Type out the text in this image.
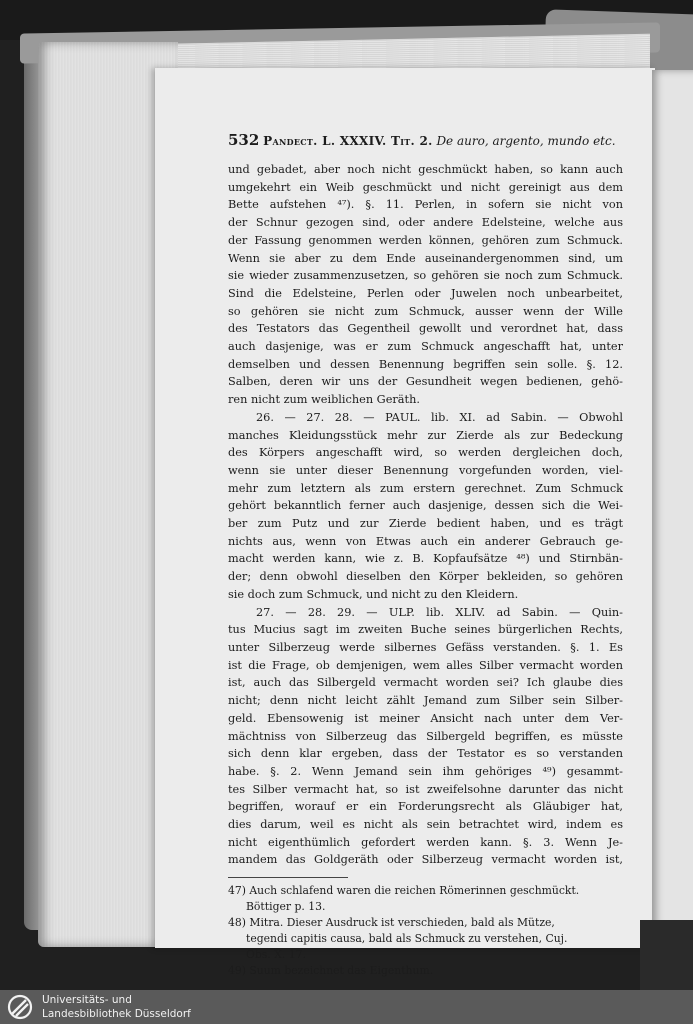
532 Pandect. L. XXXIV. Tit. 2. De auro, argento, mundo etc.
und gebadet, aber noch nicht geschmückt haben, so kann auch
umgekehrt ein Weib geschmückt und nicht gereinigt aus dem
Bette aufstehen ⁴⁷). §. 11. Perlen, in sofern sie nicht von
der Schnur gezogen sind, oder andere Edelsteine, welche aus
der Fassung genommen werden können, gehören zum Schmuck.
Wenn sie aber zu dem Ende auseinandergenommen sind, um
sie wieder zusammenzusetzen, so gehören sie noch zum Schmuck.
Sind die Edelsteine, Perlen oder Juwelen noch unbearbeitet,
so gehören sie nicht zum Schmuck, ausser wenn der Wille
des Testators das Gegentheil gewollt und verordnet hat, dass
auch dasjenige, was er zum Schmuck angeschafft hat, unter
demselben und dessen Benennung begriffen sein solle. §. 12.
Salben, deren wir uns der Gesundheit wegen bedienen, gehö-
ren nicht zum weiblichen Geräth.
26. — 27. 28. — PAUL. lib. XI. ad Sabin. — Obwohl
manches Kleidungsstück mehr zur Zierde als zur Bedeckung
des Körpers angeschafft wird, so werden dergleichen doch,
wenn sie unter dieser Benennung vorgefunden worden, viel-
mehr zum letztern als zum erstern gerechnet. Zum Schmuck
gehört bekanntlich ferner auch dasjenige, dessen sich die Wei-
ber zum Putz und zur Zierde bedient haben, und es trägt
nichts aus, wenn von Etwas auch ein anderer Gebrauch ge-
macht werden kann, wie z. B. Kopfaufsätze ⁴⁸) und Stirnbän-
der; denn obwohl dieselben den Körper bekleiden, so gehören
sie doch zum Schmuck, und nicht zu den Kleidern.
27. — 28. 29. — ULP. lib. XLIV. ad Sabin. — Quin-
tus Mucius sagt im zweiten Buche seines bürgerlichen Rechts,
unter Silberzeug werde silbernes Gefäss verstanden. §. 1. Es
ist die Frage, ob demjenigen, wem alles Silber vermacht worden
ist, auch das Silbergeld vermacht worden sei? Ich glaube dies
nicht; denn nicht leicht zählt Jemand zum Silber sein Silber-
geld. Ebensowenig ist meiner Ansicht nach unter dem Ver-
mächtniss von Silberzeug das Silbergeld begriffen, es müsste
sich denn klar ergeben, dass der Testator es so verstanden
habe. §. 2. Wenn Jemand sein ihm gehöriges ⁴⁹) gesammt-
tes Silber vermacht hat, so ist zweifelsohne darunter das nicht
begriffen, worauf er ein Forderungsrecht als Gläubiger hat,
dies darum, weil es nicht als sein betrachtet wird, indem es
nicht eigenthümlich gefordert werden kann. §. 3. Wenn Je-
mandem das Goldgeräth oder Silberzeug vermacht worden ist,
47) Auch schlafend waren die reichen Römerinnen geschmückt.
Böttiger p. 13.
48) Mitra. Dieser Ausdruck ist verschieden, bald als Mütze,
tegendi capitis causa, bald als Schmuck zu verstehen, Cuj.
Obs. X. 17.
49) Suum bezeichnet das Eigenthum.
Universitäts- und
Landesbibliothek Düsseldorf
